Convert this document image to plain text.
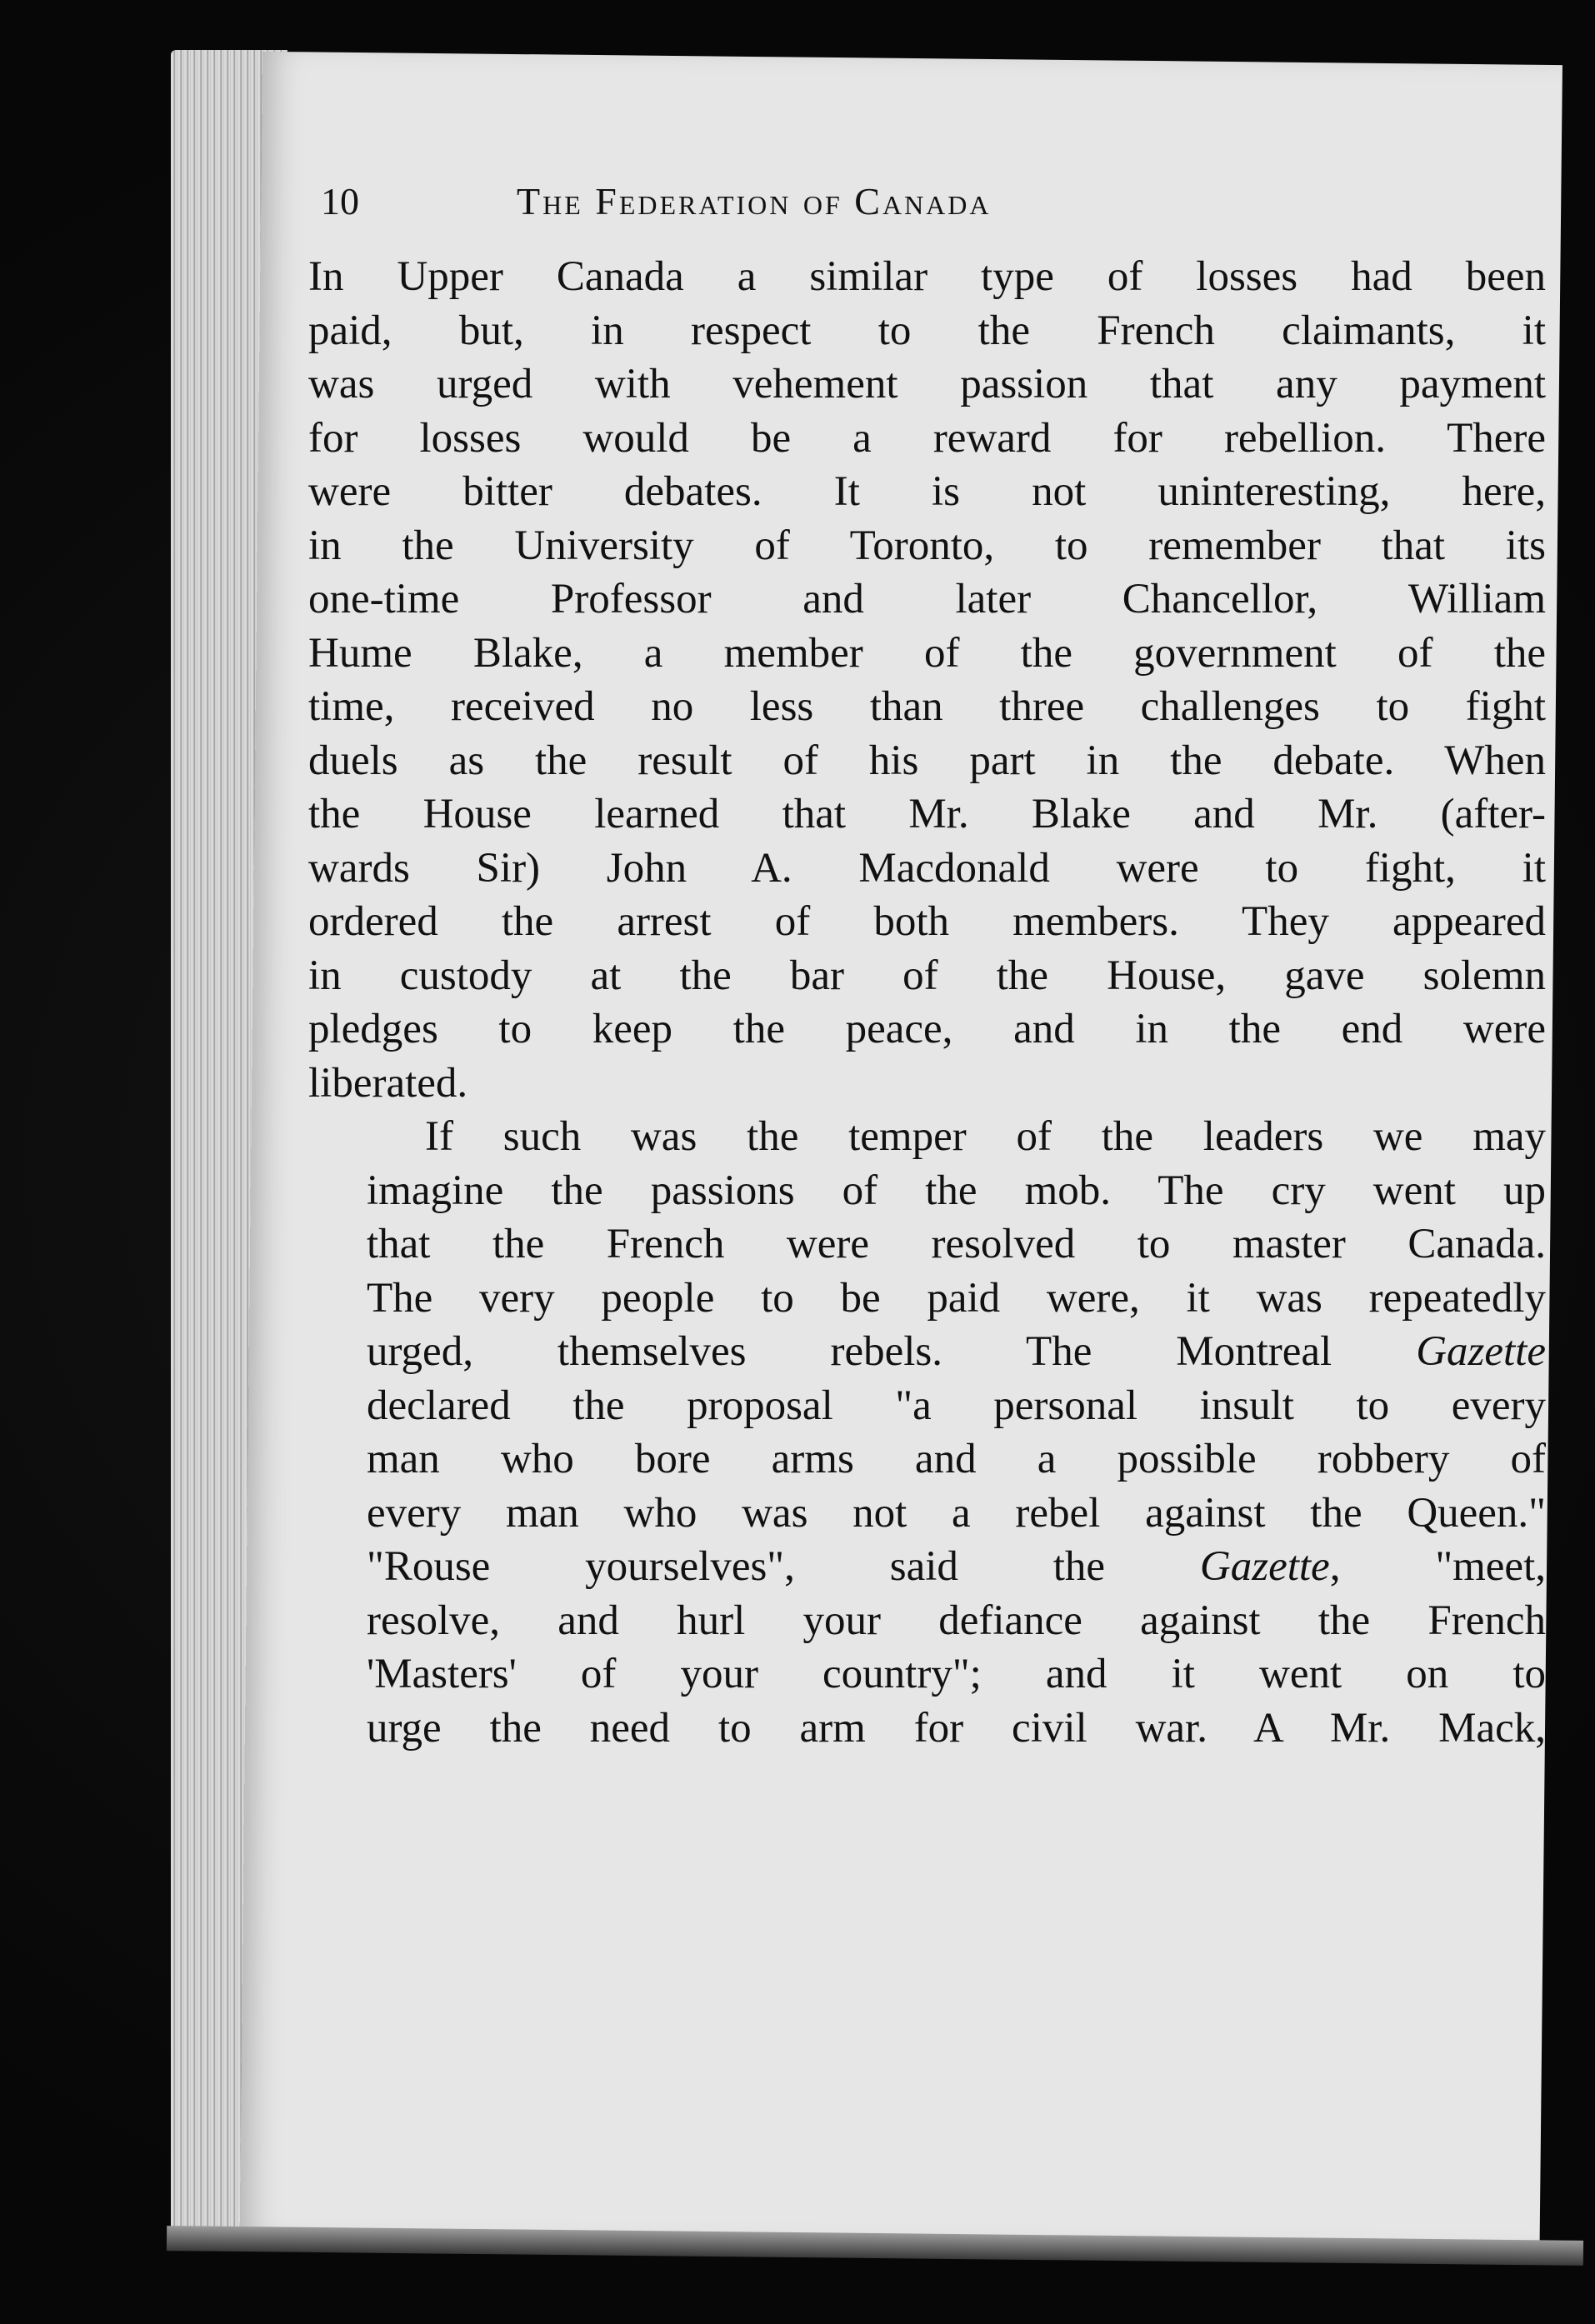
10	The Federation of Canada

In Upper Canada a similar type of losses had been
paid, but, in respect to the French claimants, it
was urged with vehement passion that any payment
for losses would be a reward for rebellion. There
were bitter debates. It is not uninteresting, here,
in the University of Toronto, to remember that its
one-time Professor and later Chancellor, William
Hume Blake, a member of the government of the
time, received no less than three challenges to fight
duels as the result of his part in the debate. When
the House learned that Mr. Blake and Mr. (after-
wards Sir) John A. Macdonald were to fight, it
ordered the arrest of both members. They appeared
in custody at the bar of the House, gave solemn
pledges to keep the peace, and in the end were
liberated.

If such was the temper of the leaders we may
imagine the passions of the mob. The cry went up
that the French were resolved to master Canada.
The very people to be paid were, it was repeatedly
urged, themselves rebels. The Montreal Gazette
declared the proposal "a personal insult to every
man who bore arms and a possible robbery of
every man who was not a rebel against the Queen."
"Rouse yourselves", said the Gazette, "meet,
resolve, and hurl your defiance against the French
'Masters' of your country"; and it went on to
urge the need to arm for civil war. A Mr. Mack,
